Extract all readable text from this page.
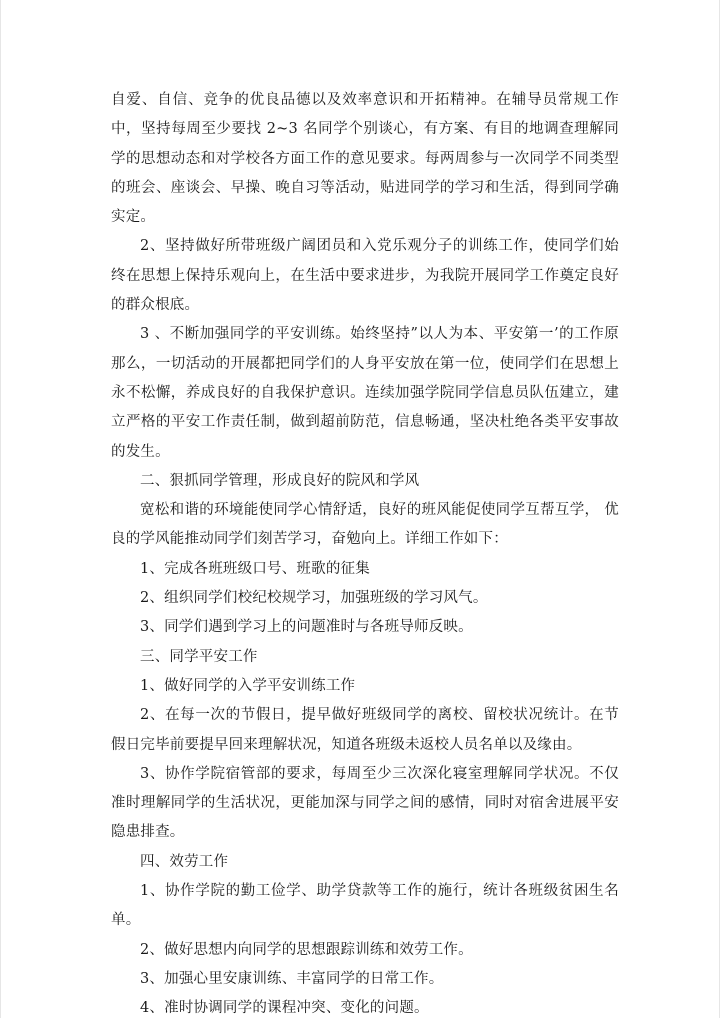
自爱、自信、竞争的优良品德以及效率意识和开拓精神。在辅导员常规工作中，坚持每周至少要找 2~3 名同学个别谈心，有方案、有目的地调查理解同学的思想动态和对学校各方面工作的意见要求。每两周参与一次同学不同类型的班会、座谈会、早操、晚自习等活动，贴进同学的学习和生活，得到同学确实定。

2、坚持做好所带班级广阔团员和入党乐观分子的训练工作，使同学们始终在思想上保持乐观向上，在生活中要求进步，为我院开展同学工作奠定良好的群众根底。

3 、不断加强同学的平安训练。始终坚持”以人为本、平安第一’的工作原那么，一切活动的开展都把同学们的人身平安放在第一位，使同学们在思想上永不松懈，养成良好的自我保护意识。连续加强学院同学信息员队伍建立，建立严格的平安工作责任制，做到超前防范，信息畅通，坚决杜绝各类平安事故的发生。

二、狠抓同学管理，形成良好的院风和学风

宽松和谐的环境能使同学心情舒适，良好的班风能促使同学互帮互学， 优良的学风能推动同学们刻苦学习，奋勉向上。详细工作如下：

1、完成各班班级口号、班歌的征集

2、组织同学们校纪校规学习，加强班级的学习风气。

3、同学们遇到学习上的问题准时与各班导师反映。

三、同学平安工作

1、做好同学的入学平安训练工作

2、在每一次的节假日，提早做好班级同学的离校、留校状况统计。在节假日完毕前要提早回来理解状况，知道各班级未返校人员名单以及缘由。

3、协作学院宿管部的要求，每周至少三次深化寝室理解同学状况。不仅准时理解同学的生活状况，更能加深与同学之间的感情，同时对宿舍进展平安隐患排查。

四、效劳工作

1、协作学院的勤工俭学、助学贷款等工作的施行，统计各班级贫困生名单。

2、做好思想内向同学的思想跟踪训练和效劳工作。

3、加强心里安康训练、丰富同学的日常工作。

4、准时协调同学的课程冲突、变化的问题。
